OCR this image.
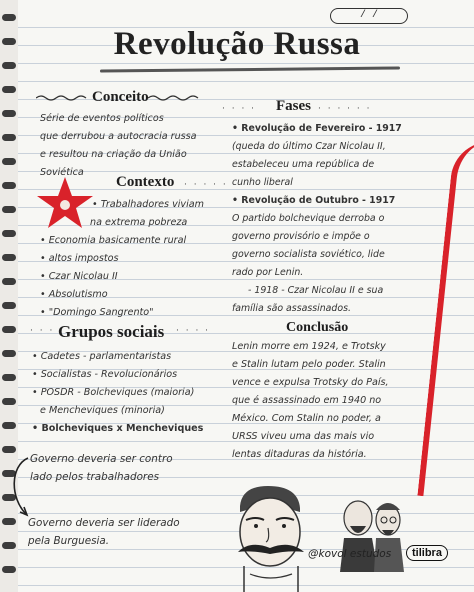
/ /
Revolução Russa
Conceito
Série de eventos políticos
que derrubou a autocracia russa
e resultou na criação da União
Soviética
Contexto · · · · ·
• Trabalhadores viviam
na extrema pobreza
• Economia basicamente rural
• altos impostos
• Czar Nicolau II
• Absolutismo
• "Domingo Sangrento"
· · · Grupos sociais · · · ·
• Cadetes - parlamentaristas
• Socialistas - Revolucionários
• POSDR - Bolcheviques (maioria)
e Mencheviques (minoria)
• Bolcheviques x Mencheviques
Governo deveria ser contro
lado pelos trabalhadores
Governo deveria ser liderado
pela Burguesia.
· · · · Fases · · · · · ·
• Revolução de Fevereiro - 1917
(queda do último Czar Nicolau II,
estabeleceu uma república de
cunho liberal
• Revolução de Outubro - 1917
O partido bolchevique derroba o
governo provisório e impõe o
governo socialista soviético, lide
rado por Lenin.
- 1918 - Czar Nicolau II e sua
família são assassinados.
Conclusão
Lenin morre em 1924, e Trotsky
e Stalin lutam pelo poder. Stalin
vence e expulsa Trotsky do País,
que é assassinado em 1940 no
México. Com Stalin no poder, a
URSS viveu uma das mais vio
lentas ditaduras da história.
@kovol estudos	tilibra
